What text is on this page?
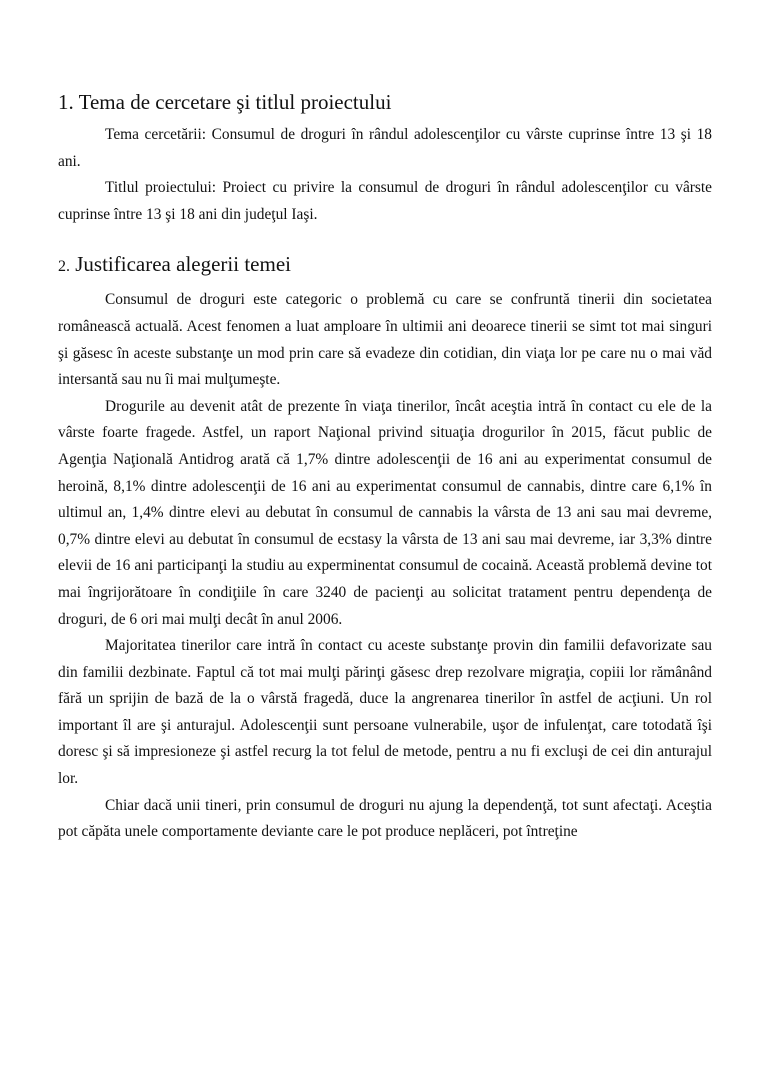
1. Tema de cercetare şi titlul proiectului

Tema cercetării: Consumul de droguri în rândul adolescenţilor cu vârste cuprinse între 13 şi 18 ani.

Titlul proiectului: Proiect cu privire la consumul de droguri în rândul adolescenţilor cu vârste cuprinse între 13 şi 18 ani din judeţul Iaşi.

2. Justificarea alegerii temei

Consumul de droguri este categoric o problemă cu care se confruntă tinerii din societatea românească actuală. Acest fenomen a luat amploare în ultimii ani deoarece tinerii se simt tot mai singuri şi găsesc în aceste substanţe un mod prin care să evadeze din cotidian, din viaţa lor pe care nu o mai văd intersantă sau nu îi mai mulţumeşte.

Drogurile au devenit atât de prezente în viaţa tinerilor, încât aceştia intră în contact cu ele de la vârste foarte fragede. Astfel, un raport Naţional privind situaţia drogurilor în 2015, făcut public de Agenţia Naţională Antidrog arată că 1,7% dintre adolescenţii de 16 ani au experimentat consumul de heroină, 8,1% dintre adolescenţii de 16 ani au experimentat consumul de cannabis, dintre care 6,1% în ultimul an, 1,4% dintre elevi au debutat în consumul de cannabis la vârsta de 13 ani sau mai devreme, 0,7% dintre elevi au debutat în consumul de ecstasy la vârsta de 13 ani sau mai devreme, iar 3,3% dintre elevii de 16 ani participanţi la studiu au experminentat consumul de cocaină. Această problemă devine tot mai îngrijorătoare în condiţiile în care 3240 de pacienţi au solicitat tratament pentru dependenţa de droguri, de 6 ori mai mulţi decât în anul 2006.

Majoritatea tinerilor care intră în contact cu aceste substanţe provin din familii defavorizate sau din familii dezbinate. Faptul că tot mai mulţi părinţi găsesc drep rezolvare migraţia, copiii lor rămânând fără un sprijin de bază de la o vârstă fragedă, duce la angrenarea tinerilor în astfel de acţiuni. Un rol important îl are şi anturajul. Adolescenţii sunt persoane vulnerabile, uşor de infulenţat, care totodată îşi doresc şi să impresioneze şi astfel recurg la tot felul de metode, pentru a nu fi excluşi de cei din anturajul lor.

Chiar dacă unii tineri, prin consumul de droguri nu ajung la dependenţă, tot sunt afectaţi. Aceştia pot căpăta unele comportamente deviante care le pot produce neplăceri, pot întreţine
